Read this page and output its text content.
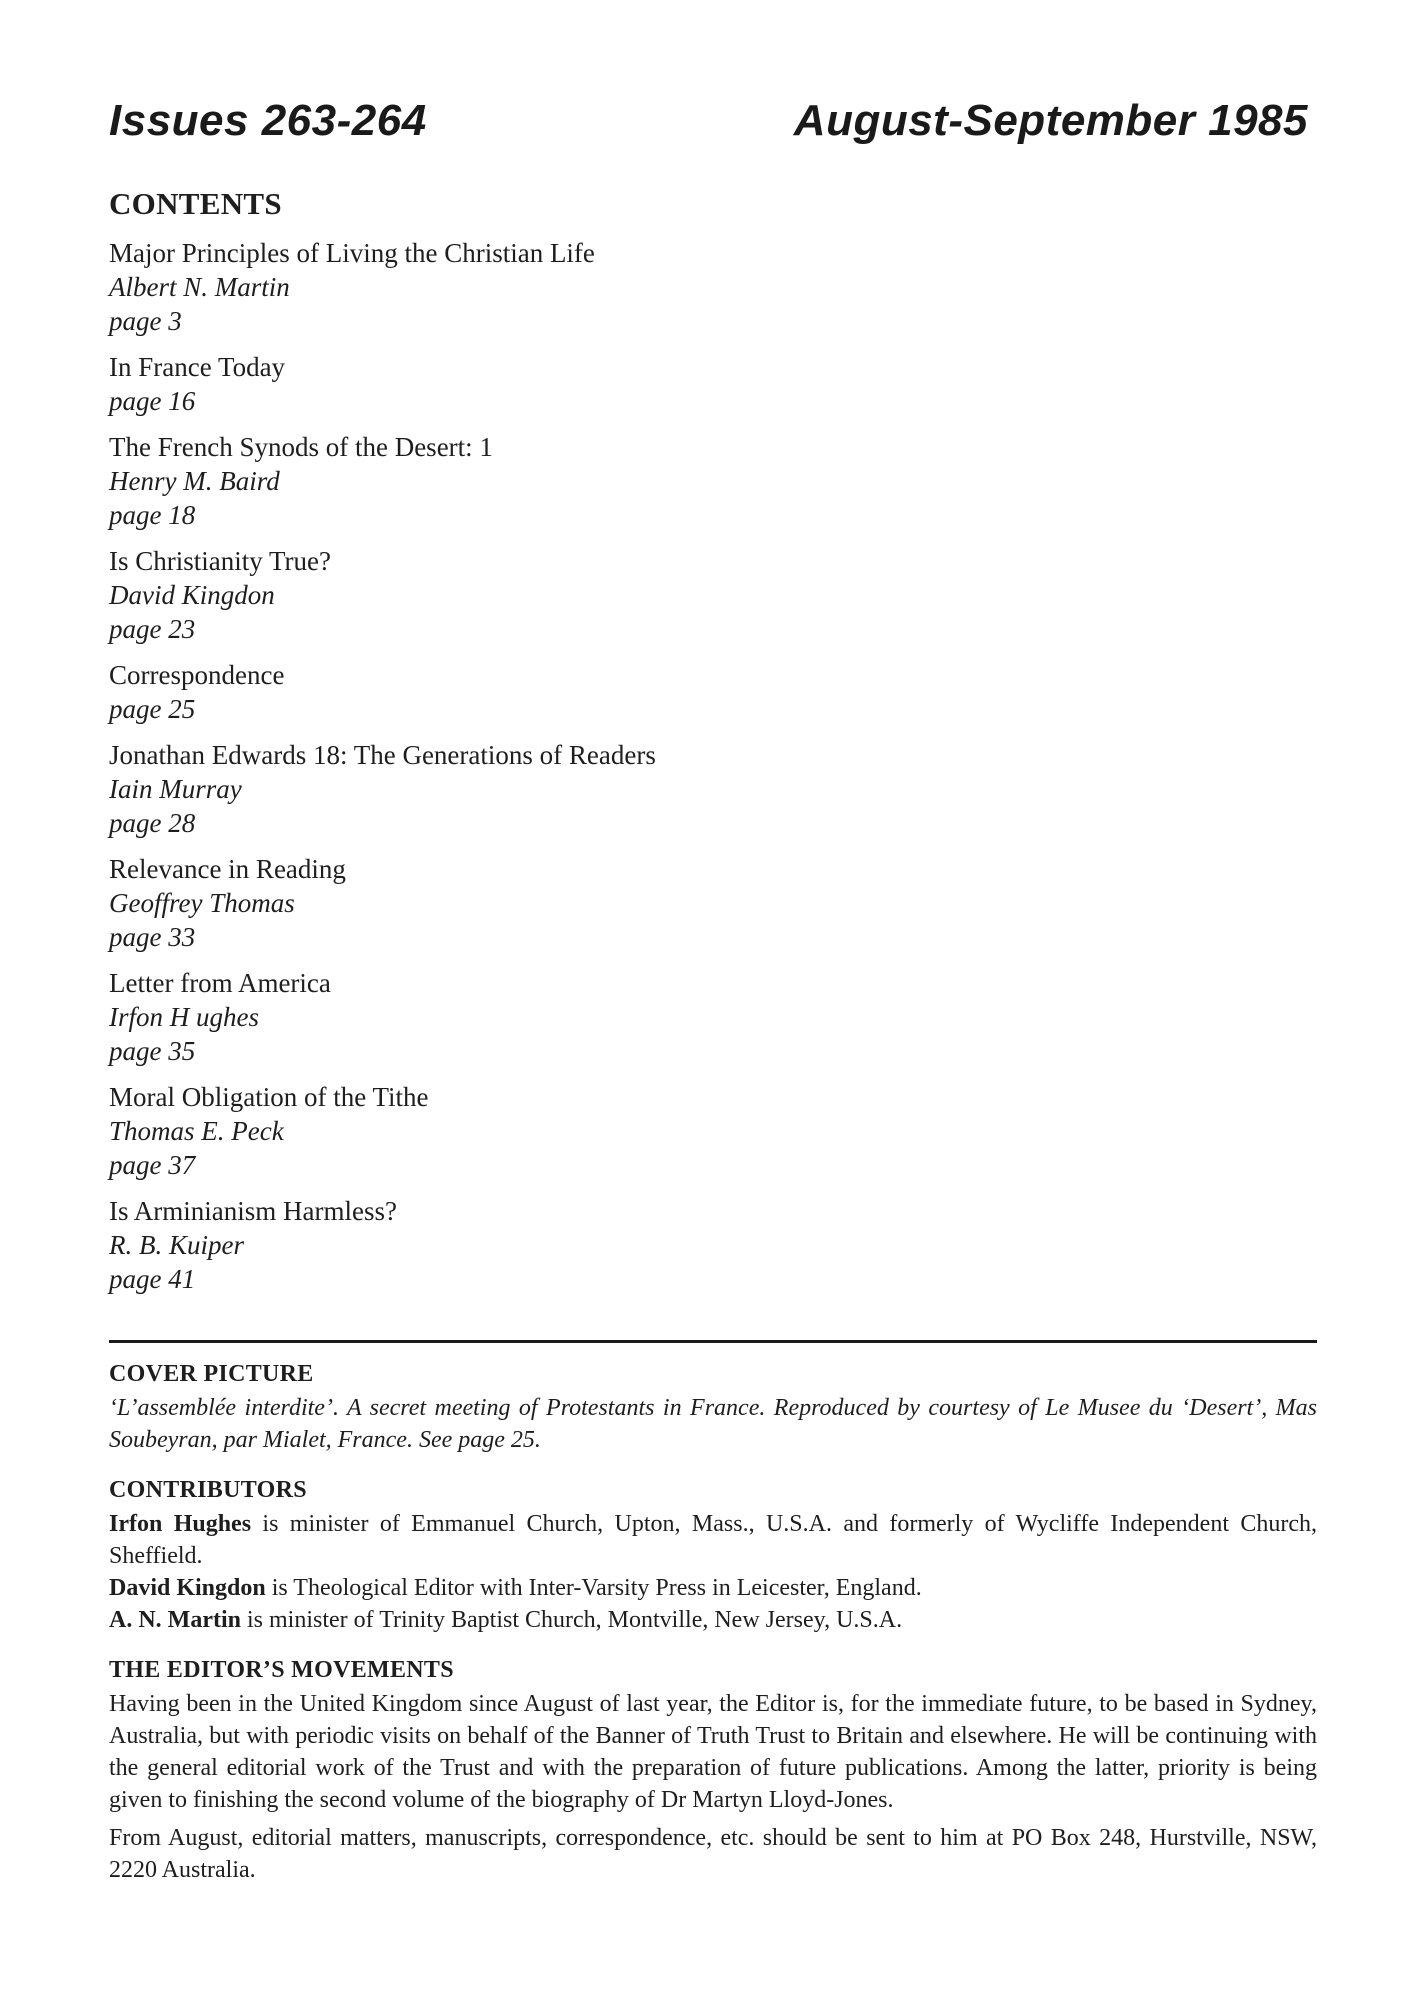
Issues 263-264	August-September 1985
CONTENTS
Major Principles of Living the Christian Life
Albert N. Martin
page 3
In France Today
page 16
The French Synods of the Desert: 1
Henry M. Baird
page 18
Is Christianity True?
David Kingdon
page 23
Correspondence
page 25
Jonathan Edwards 18: The Generations of Readers
Iain Murray
page 28
Relevance in Reading
Geoffrey Thomas
page 33
Letter from America
Irfon H ughes
page 35
Moral Obligation of the Tithe
Thomas E. Peck
page 37
Is Arminianism Harmless?
R. B. Kuiper
page 41
COVER PICTURE

‘L’assemblée interdite’. A secret meeting of Protestants in France. Reproduced by courtesy of Le Musee du ‘Desert’, Mas Soubeyran, par Mialet, France. See page 25.

CONTRIBUTORS

Irfon Hughes is minister of Emmanuel Church, Upton, Mass., U.S.A. and formerly of Wycliffe Independent Church, Sheffield.

David Kingdon is Theological Editor with Inter-Varsity Press in Leicester, England.

A. N. Martin is minister of Trinity Baptist Church, Montville, New Jersey, U.S.A.

THE EDITOR’S MOVEMENTS

Having been in the United Kingdom since August of last year, the Editor is, for the immediate future, to be based in Sydney, Australia, but with periodic visits on behalf of the Banner of Truth Trust to Britain and elsewhere. He will be continuing with the general editorial work of the Trust and with the preparation of future publications. Among the latter, priority is being given to finishing the second volume of the biography of Dr Martyn Lloyd-Jones.

From August, editorial matters, manuscripts, correspondence, etc. should be sent to him at PO Box 248, Hurstville, NSW, 2220 Australia.
